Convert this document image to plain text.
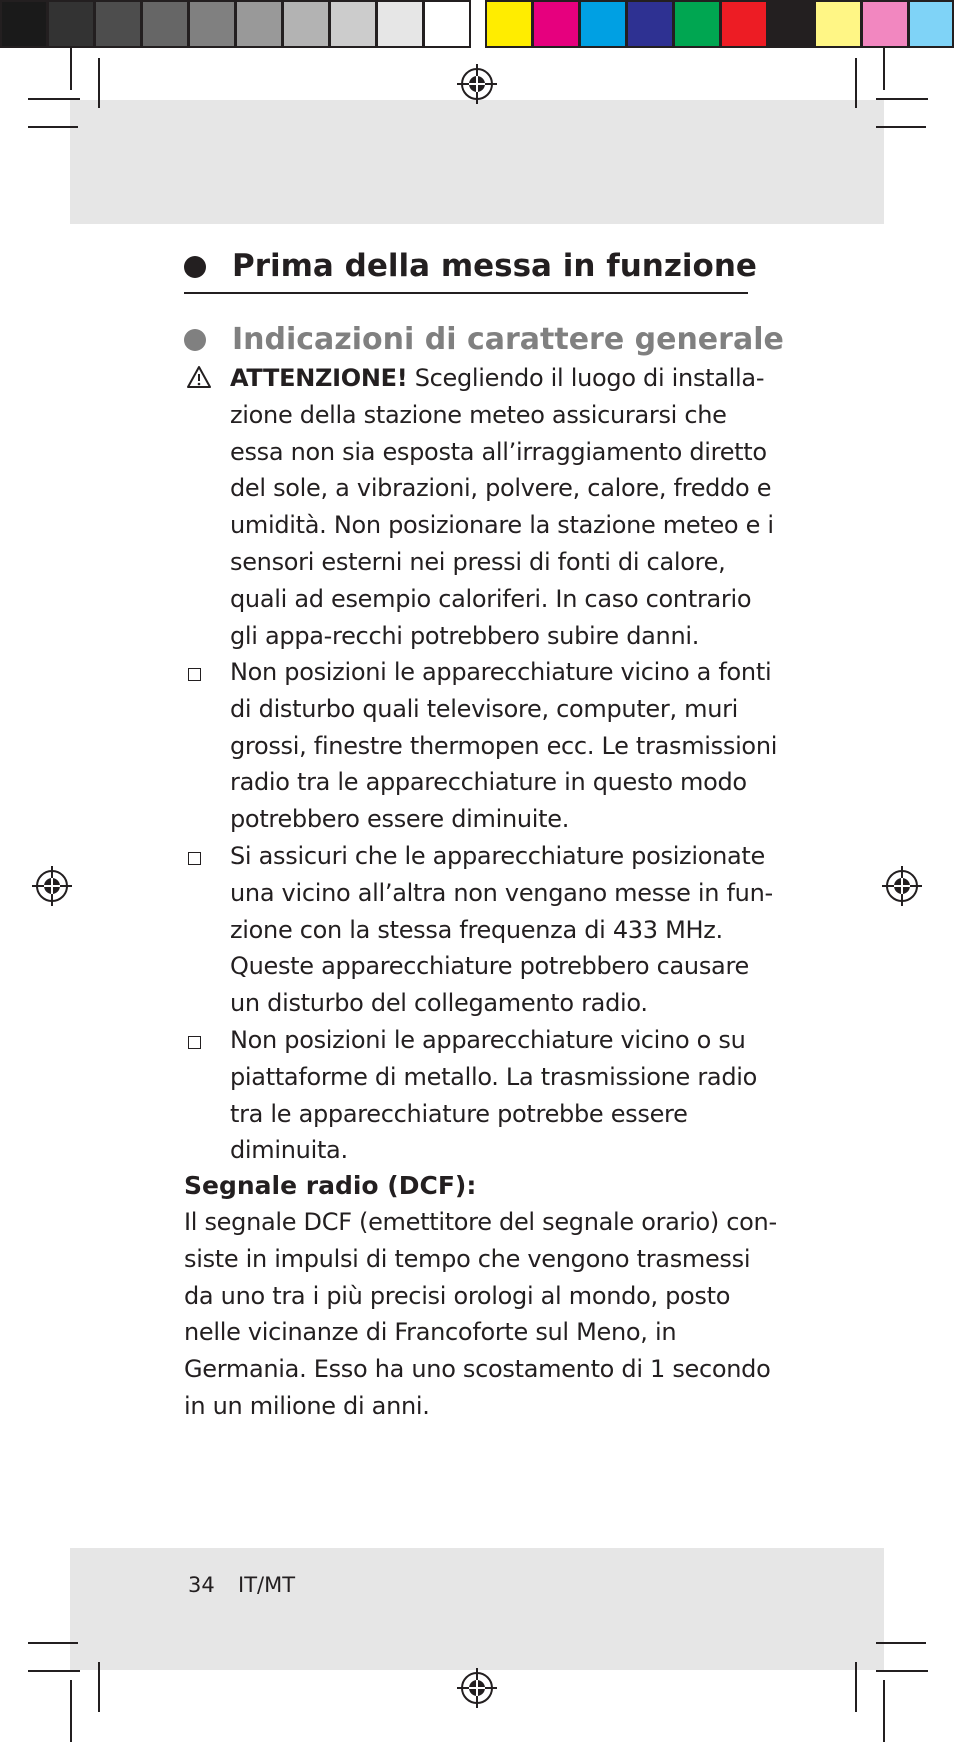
Prima della messa in funzione
Indicazioni di carattere generale
ATTENZIONE! Scegliendo il luogo di installa-zione della stazione meteo assicurarsi che essa non sia esposta all’irraggiamento diretto del sole, a vibrazioni, polvere, calore, freddo e umidità. Non posizionare la stazione meteo e i sensori esterni nei pressi di fonti di calore, quali ad esempio caloriferi. In caso contrario gli appa-recchi potrebbero subire danni.
Non posizioni le apparecchiature vicino a fonti di disturbo quali televisore, computer, muri grossi, finestre thermopen ecc. Le trasmissioni radio tra le apparecchiature in questo modo potrebbero essere diminuite.
Si assicuri che le apparecchiature posizionate una vicino all’altra non vengano messe in fun-zione con la stessa frequenza di 433 MHz. Queste apparecchiature potrebbero causare un disturbo del collegamento radio.
Non posizioni le apparecchiature vicino o su piattaforme di metallo. La trasmissione radio tra le apparecchiature potrebbe essere diminuita.
Segnale radio (DCF):
Il segnale DCF (emettitore del segnale orario) con-siste in impulsi di tempo che vengono trasmessi da uno tra i più precisi orologi al mondo, posto nelle vicinanze di Francoforte sul Meno, in Germania. Esso ha uno scostamento di 1 secondo in un milione di anni.
34 IT/MT
